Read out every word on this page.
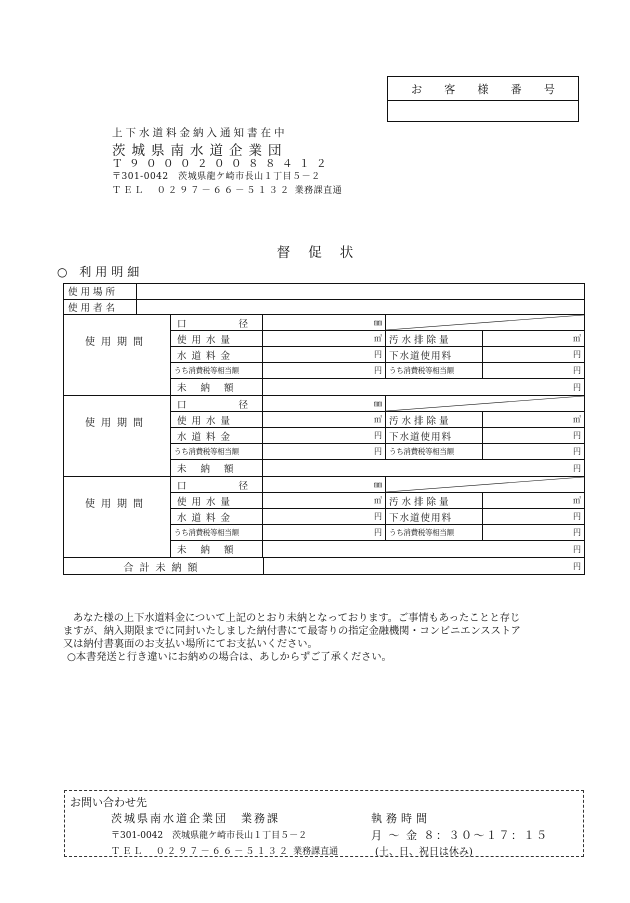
お 客 様 番 号
上下水道料金納入通知書在中
茨城県南水道企業団
Ｔ９０００２００８８４１２
〒301-0042　茨城県龍ケ崎市長山１丁目５－２
ＴＥＬ　０２９７－６６－５１３２ 業務課直通
督促状
○ 利用明細
使用場所
使用者名
使用期間
口	径	㎜
使用水量	㎥ 汚水排除量	㎥
水道料金	円 下水道使用料	円
うち消費税等相当額	円 うち消費税等相当額	円
未納額	円
使用期間
口	径	㎜
使用水量	㎥ 汚水排除量	㎥
水道料金	円 下水道使用料	円
うち消費税等相当額	円 うち消費税等相当額	円
未納額	円
使用期間
口	径	㎜
使用水量	㎥ 汚水排除量	㎥
水道料金	円 下水道使用料	円
うち消費税等相当額	円 うち消費税等相当額	円
未納額	円
合計未納額	円
あなた様の上下水道料金について上記のとおり未納となっております。ご事情もあったことと存じ
ますが、納入期限までに同封いたしました納付書にて最寄りの指定金融機関・コンビニエンスストア
又は納付書裏面のお支払い場所にてお支払いください。
○本書発送と行き違いにお納めの場合は、あしからずご了承ください。
お問い合わせ先
茨城県南水道企業団　 業務課	執務時間
〒301-0042　茨城県龍ケ崎市長山１丁目５－２	月 ～ 金 ８：３０～１７：１５
ＴＥＬ　０２９７－６６－５１３２ 業務課直通	(土、日、祝日は休み)
